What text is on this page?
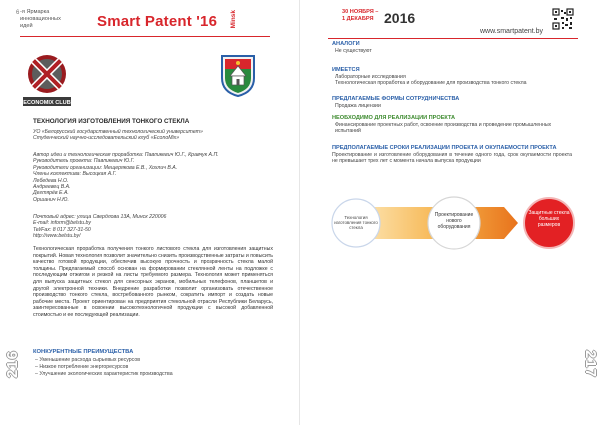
6 -я Ярмарка инновационных идей	Smart Patent '16 Minsk
ECONOMIX CLUB
ТЕХНОЛОГИЯ ИЗГОТОВЛЕНИЯ ТОНКОГО СТЕКЛА
УО «Белорусский государственный технологический университет»
Студенческий научно-исследовательский клуб «EconoMix»
Автор идеи и технологическая проработка: Павликевич Ю.Г., Кравчук А.П.
Руководитель проекта: Павликевич Ю.Г.
Руководители организации: Мещерякова Е.В., Хохлич В.А.
Члены коллектива: Высоцкая А.Г.
Лебедева Н.О.
Андреевец В.А.
Дегтярёв Е.А.
Оршанич Н.Ю.
Почтовый адрес: улица Свердлова 13А, Минск 220006
E-mail: inform@belstu.by
Tel/Fax: 8 017 327-31-50
http://www.belstu.by/

Технологическая проработка получения тонкого листового стекла для изготовления защитных покрытий. Новая технология позволит значительно снизить производственные затраты и повысить качество готовой продукции, обеспечив высокую прочность и прозрачность стекла малой толщины. Предлагаемый способ основан на формировании стеклянной ленты на подложке с последующим отжигом и резкой на листы требуемого размера. Технология может применяться для выпуска защитных стекол для сенсорных экранов, мобильных телефонов, планшетов и другой электронной техники. Внедрение разработки позволит организовать отечественное производство тонкого стекла, востребованного рынком, сократить импорт и создать новые рабочие места. Проект ориентирован на предприятия стекольной отрасли Республики Беларусь, заинтересованные в освоении высокотехнологичной продукции с высокой добавленной стоимостью и ее последующей реализации.

КОНКУРЕНТНЫЕ ПРЕИМУЩЕСТВА
– Уменьшение расхода сырьевых ресурсов
– Низкое потребление энергоресурсов
– Улучшение экологических характеристик производства
216
30 НОЯБРЯ –
1 ДЕКАБРЯ 2016
www.smartpatent.by
АНАЛОГИ
Не существуют
ИМЕЕТСЯ
Лабораторные исследования
Технологическая проработка и оборудование для производства тонкого стекла
ПРЕДЛАГАЕМЫЕ ФОРМЫ СОТРУДНИЧЕСТВА
Продажа лицензии
НЕОБХОДИМО ДЛЯ РЕАЛИЗАЦИИ ПРОЕКТА
Финансирование проектных работ, освоение производства и проведение промышленных испытаний
ПРЕДПОЛАГАЕМЫЕ СРОКИ РЕАЛИЗАЦИИ ПРОЕКТА И ОКУПАЕМОСТИ ПРОЕКТА
Проектирование и изготовление оборудования в течение одного года, срок окупаемости проекта не превышает трех лет с момента начала выпуска продукции
Технология изготовления тонкого стекла
Проектирование нового оборудования
Защитные стекла больших размеров
217
